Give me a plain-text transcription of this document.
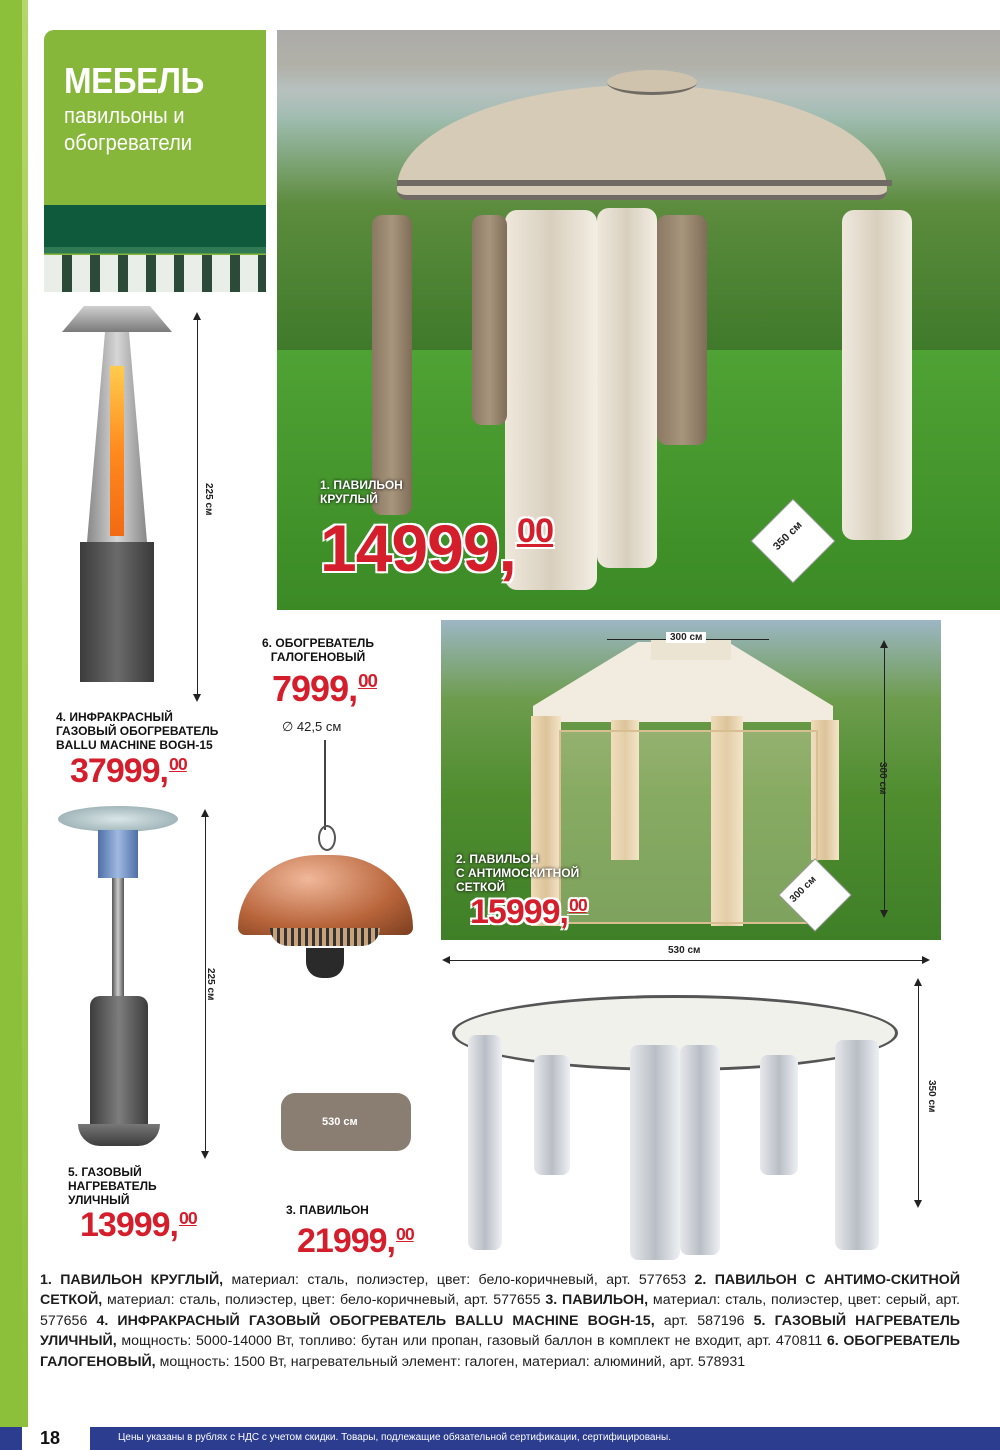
МЕБЕЛЬ
павильоны и обогреватели
1. ПАВИЛЬОН
КРУГЛЫЙ
14999,00	350 см
225 см
4. ИНФРАКРАСНЫЙ
ГАЗОВЫЙ ОБОГРЕВАТЕЛЬ
BALLU MACHINE BOGH-15
37999,00
6. ОБОГРЕВАТЕЛЬ
ГАЛОГЕНОВЫЙ
7999,00
∅ 42,5 см
225 см
5. ГАЗОВЫЙ
НАГРЕВАТЕЛЬ
УЛИЧНЫЙ
13999,00
300 см
300 см
300 см
2. ПАВИЛЬОН
С АНТИМОСКИТНОЙ
СЕТКОЙ
15999,00
530 см
350 см
530 см
3. ПАВИЛЬОН
21999,00
1. ПАВИЛЬОН КРУГЛЫЙ, материал: сталь, полиэстер, цвет: бело-коричневый, арт. 577653 2. ПАВИЛЬОН С АНТИМО-СКИТНОЙ СЕТКОЙ, материал: сталь, полиэстер, цвет: бело-коричневый, арт. 577655 3. ПАВИЛЬОН, материал: сталь, полиэстер, цвет: серый, арт. 577656 4. ИНФРАКРАСНЫЙ ГАЗОВЫЙ ОБОГРЕВАТЕЛЬ BALLU MACHINE BOGH-15, арт. 587196 5. ГАЗОВЫЙ НАГРЕВАТЕЛЬ УЛИЧНЫЙ, мощность: 5000-14000 Вт, топливо: бутан или пропан, газовый баллон в комплект не входит, арт. 470811 6. ОБОГРЕВАТЕЛЬ ГАЛОГЕНОВЫЙ, мощность: 1500 Вт, нагревательный элемент: галоген, материал: алюминий, арт. 578931
18	Цены указаны в рублях с НДС с учетом скидки. Товары, подлежащие обязательной сертификации, сертифицированы.
